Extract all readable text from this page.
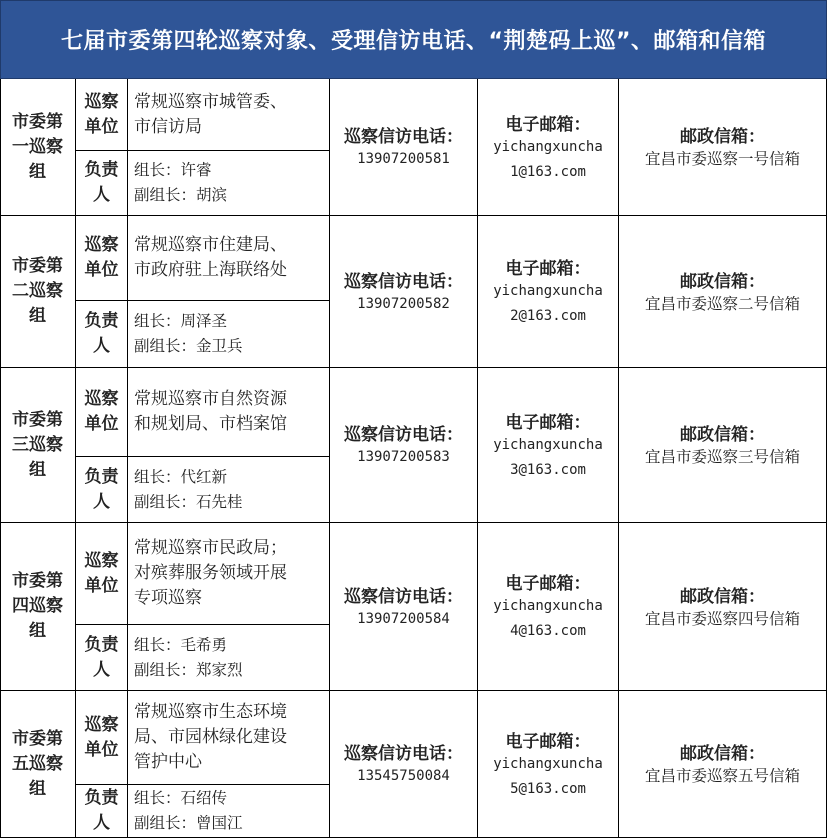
七届市委第四轮巡察对象、受理信访电话、“荆楚码上巡”、邮箱和信箱
市委第一巡察组
巡察单位
负责人
常规巡察市城管委、
市信访局
组长：许睿
副组长：胡滨
巡察信访电话：
13907200581
电子邮箱：
yichangxuncha
1@163.com
邮政信箱：
宜昌市委巡察一号信箱
市委第二巡察组
巡察单位
负责人
常规巡察市住建局、
市政府驻上海联络处
组长：周泽圣
副组长：金卫兵
巡察信访电话：
13907200582
电子邮箱：
yichangxuncha
2@163.com
邮政信箱：
宜昌市委巡察二号信箱
市委第三巡察组
巡察单位
负责人
常规巡察市自然资源
和规划局、市档案馆
组长：代红新
副组长：石先桂
巡察信访电话：
13907200583
电子邮箱：
yichangxuncha
3@163.com
邮政信箱：
宜昌市委巡察三号信箱
市委第四巡察组
巡察单位
负责人
常规巡察市民政局；
对殡葬服务领域开展
专项巡察
组长：毛希勇
副组长：郑家烈
巡察信访电话：
13907200584
电子邮箱：
yichangxuncha
4@163.com
邮政信箱：
宜昌市委巡察四号信箱
市委第五巡察组
巡察单位
负责人
常规巡察市生态环境
局、市园林绿化建设
管护中心
组长：石绍传
副组长：曾国江
巡察信访电话：
13545750084
电子邮箱：
yichangxuncha
5@163.com
邮政信箱：
宜昌市委巡察五号信箱
